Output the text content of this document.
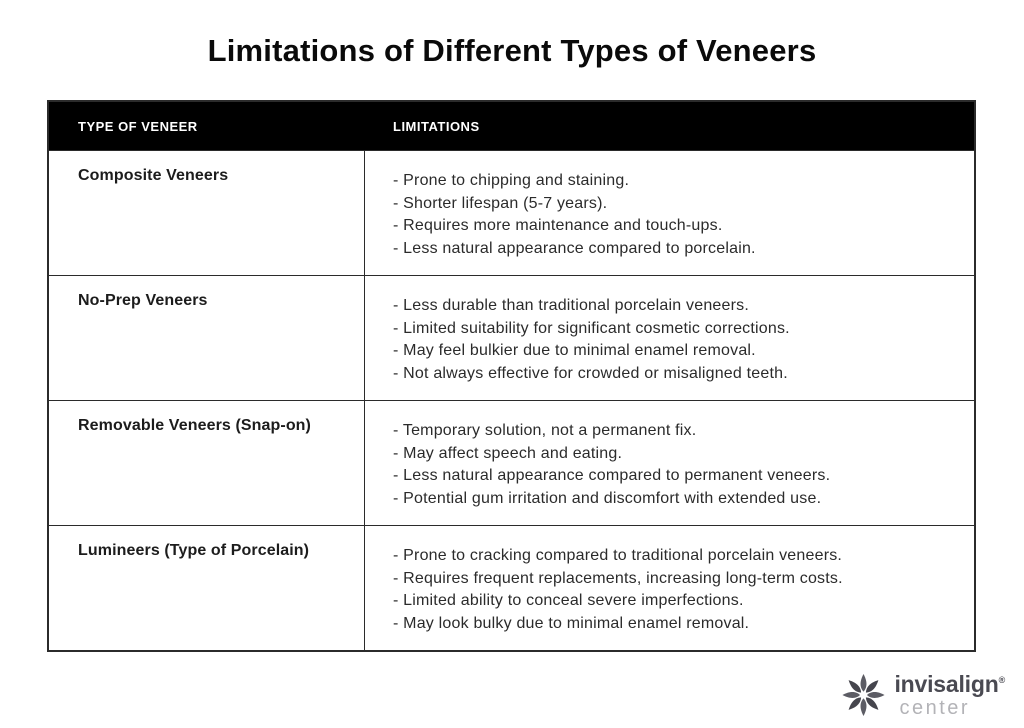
Limitations of Different Types of Veneers
TYPE OF VENEER	LIMITATIONS
Composite Veneers	- Prone to chipping and staining.
- Shorter lifespan (5-7 years).
- Requires more maintenance and touch-ups.
- Less natural appearance compared to porcelain.
No-Prep Veneers	- Less durable than traditional porcelain veneers.
- Limited suitability for significant cosmetic corrections.
- May feel bulkier due to minimal enamel removal.
- Not always effective for crowded or misaligned teeth.
Removable Veneers (Snap-on)	- Temporary solution, not a permanent fix.
- May affect speech and eating.
- Less natural appearance compared to permanent veneers.
- Potential gum irritation and discomfort with extended use.
Lumineers (Type of Porcelain)	- Prone to cracking compared to traditional porcelain veneers.
- Requires frequent replacements, increasing long-term costs.
- Limited ability to conceal severe imperfections.
- May look bulky due to minimal enamel removal.
invisalign®
center
